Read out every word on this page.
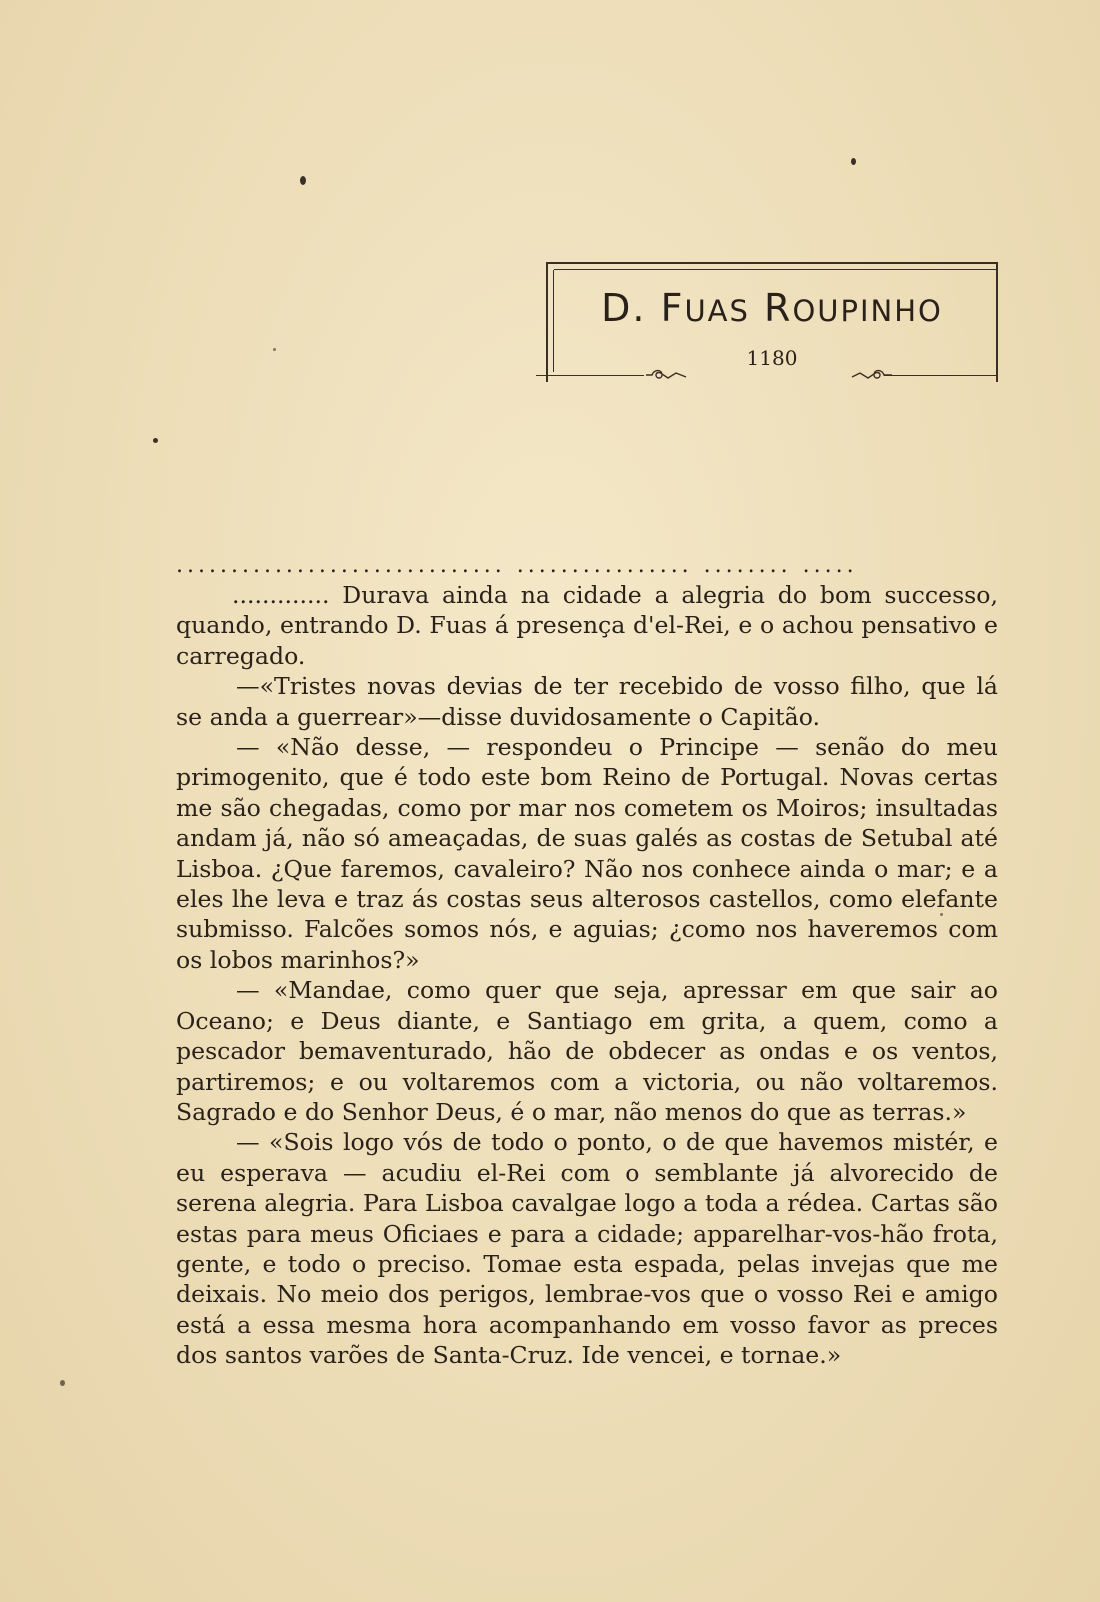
D. FUAS ROUPINHO
1180
.............................. ................ ........ .....

............. Durava ainda na cidade a alegria do bom successo, quando, entrando D. Fuas á presença d'el-Rei, e o achou pensativo e carregado.

—«Tristes novas devias de ter recebido de vosso filho, que lá se anda a guerrear»—disse duvidosamente o Capitão.

— «Não desse, — respondeu o Principe — senão do meu primogenito, que é todo este bom Reino de Portugal. Novas certas me são chegadas, como por mar nos cometem os Moiros; insultadas andam já, não só ameaçadas, de suas galés as costas de Setubal até Lisboa. ¿Que faremos, cavaleiro? Não nos conhece ainda o mar; e a eles lhe leva e traz ás costas seus alterosos castellos, como elefante submisso. Falcões somos nós, e aguias; ¿como nos haveremos com os lobos marinhos?»

— «Mandae, como quer que seja, apressar em que sair ao Oceano; e Deus diante, e Santiago em grita, a quem, como a pescador bemaventurado, hão de obdecer as ondas e os ventos, partiremos; e ou voltaremos com a victoria, ou não voltaremos. Sagrado e do Senhor Deus, é o mar, não menos do que as terras.»

— «Sois logo vós de todo o ponto, o de que havemos mistér, e eu esperava — acudiu el-Rei com o semblante já alvorecido de serena alegria. Para Lisboa cavalgae logo a toda a rédea. Cartas são estas para meus Oficiaes e para a cidade; apparelhar-vos-hão frota, gente, e todo o preciso. Tomae esta espada, pelas invejas que me deixais. No meio dos perigos, lembrae-vos que o vosso Rei e amigo está a essa mesma hora acompanhando em vosso favor as preces dos santos varões de Santa-Cruz. Ide vencei, e tornae.»
